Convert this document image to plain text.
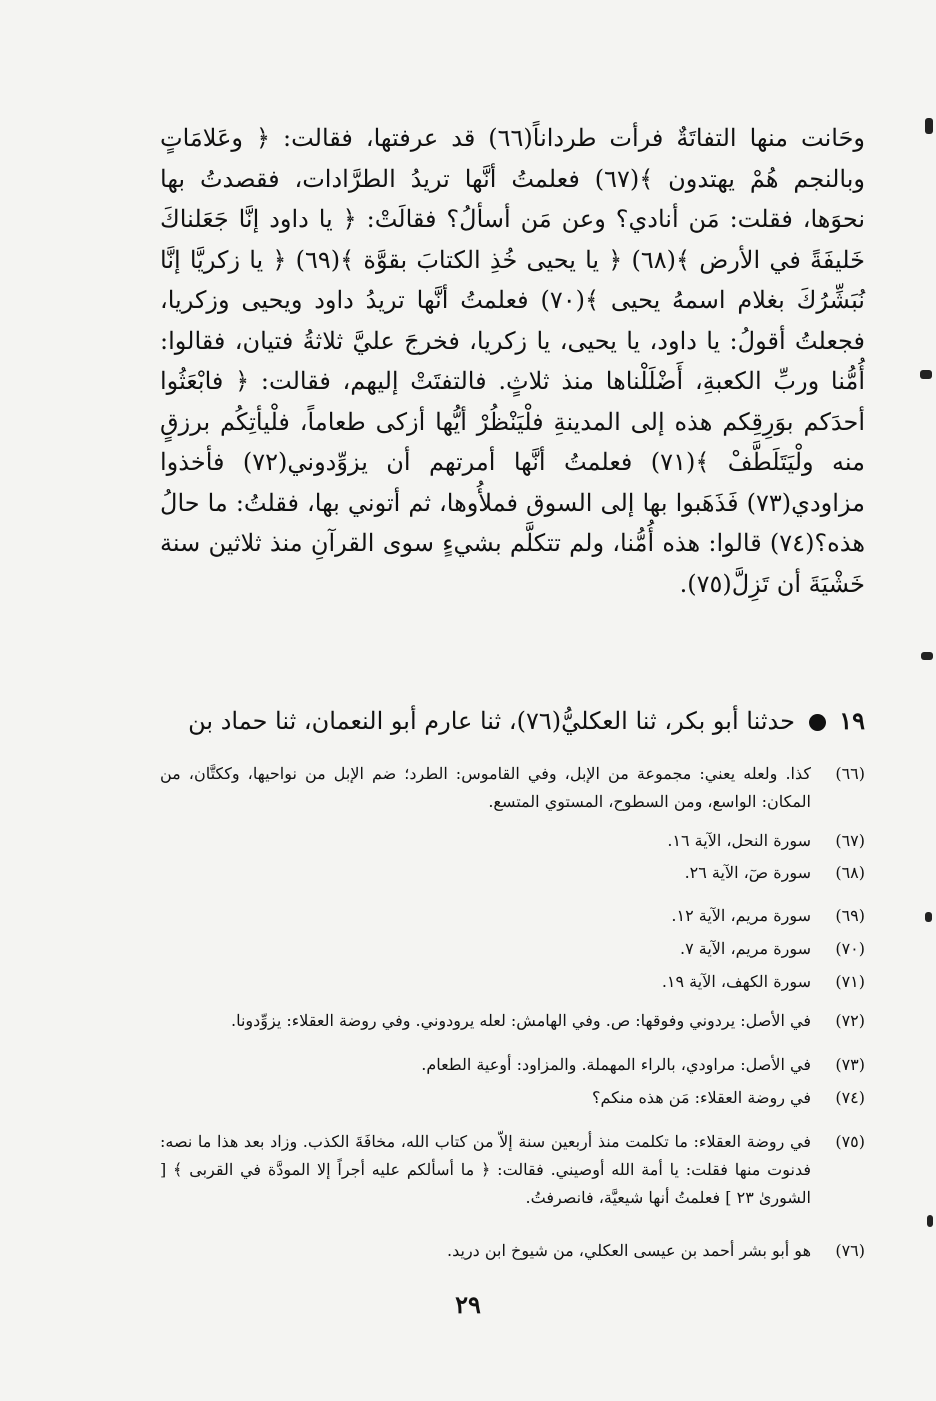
وحَانت منها التفاتَةٌ فرأت طرداناً(٦٦) قد عرفتها، فقالت: ﴿ وعَلامَاتٍ وبالنجم هُمْ يهتدون ﴾(٦٧) فعلمتُ أنَّها تريدُ الطرَّادات، فقصدتُ بها نحوَها، فقلت: مَن أنادي؟ وعن مَن أسألُ؟ فقالَتْ: ﴿ يا داود إنَّا جَعَلناكَ خَليفَةً في الأرض ﴾(٦٨) ﴿ يا يحيى خُذِ الكتابَ بقوَّة ﴾(٦٩) ﴿ يا زكريَّا إنَّا نُبَشِّرُكَ بغلام اسمهُ يحيى ﴾(٧٠) فعلمتُ أنَّها تريدُ داود ويحيى وزكريا، فجعلتُ أقولُ: يا داود، يا يحيى، يا زكريا، فخرجَ عليَّ ثلاثةُ فتيان، فقالوا: أُمُّنا وربِّ الكعبةِ، أَضْلَلْناها منذ ثلاثٍ. فالتفتَتْ إليهم، فقالت: ﴿ فابْعَثُوا أحدَكم بوَرِقِكم هذه إلى المدينةِ فلْيَنْظُرْ أيُّها أزكى طعاماً، فلْيأتِكُم برزقٍ منه ولْيَتَلَطَّفْ ﴾(٧١) فعلمتُ أنَّها أمرتهم أن يزوِّدوني(٧٢) فأخذوا مزاودي(٧٣) فَذَهَبوا بها إلى السوق فملأُوها، ثم أتوني بها، فقلتُ: ما حالُ هذه؟(٧٤) قالوا: هذه أُمُّنا، ولم تتكلَّم بشيءٍ سوى القرآنِ منذ ثلاثين سنة خَشْيَةَ أن تَزِلَّ(٧٥).

١٩  حدثنا أبو بكر، ثنا العكليُّ(٧٦)، ثنا عارم أبو النعمان، ثنا حماد بن
(٦٦)
كذا. ولعله يعني: مجموعة من الإبل، وفي القاموس: الطرد؛ ضم الإبل من نواحيها، وككتَّان، من المكان: الواسع، ومن السطوح، المستوي المتسع.
(٦٧)
سورة النحل، الآية ١٦.
(٦٨)
سورة صٓ، الآية ٢٦.
(٦٩)
سورة مريم، الآية ١٢.
(٧٠)
سورة مريم، الآية ٧.
(٧١)
سورة الكهف، الآية ١٩.
(٧٢)
في الأصل: يردوني وفوقها: ص. وفي الهامش: لعله يرودوني. وفي روضة العقلاء: يزوِّدونا.
(٧٣)
في الأصل: مراودي، بالراء المهملة. والمزاود: أوعية الطعام.
(٧٤)
في روضة العقلاء: مَن هذه منكم؟
(٧٥)
في روضة العقلاء: ما تكلمت منذ أربعين سنة إلاّ من كتاب الله، مخافَةَ الكذب. وزاد بعد هذا ما نصه: فدنوت منها فقلت: يا أمة الله أوصيني. فقالت: ﴿ ما أسألكم عليه أجراً إلا المودَّة في القربى ﴾ [ الشورىٰ ٢٣ ] فعلمتُ أنها شيعيَّة، فانصرفتُ.
(٧٦)
هو أبو بشر أحمد بن عيسى العكلي، من شيوخ ابن دريد.
٢٩
